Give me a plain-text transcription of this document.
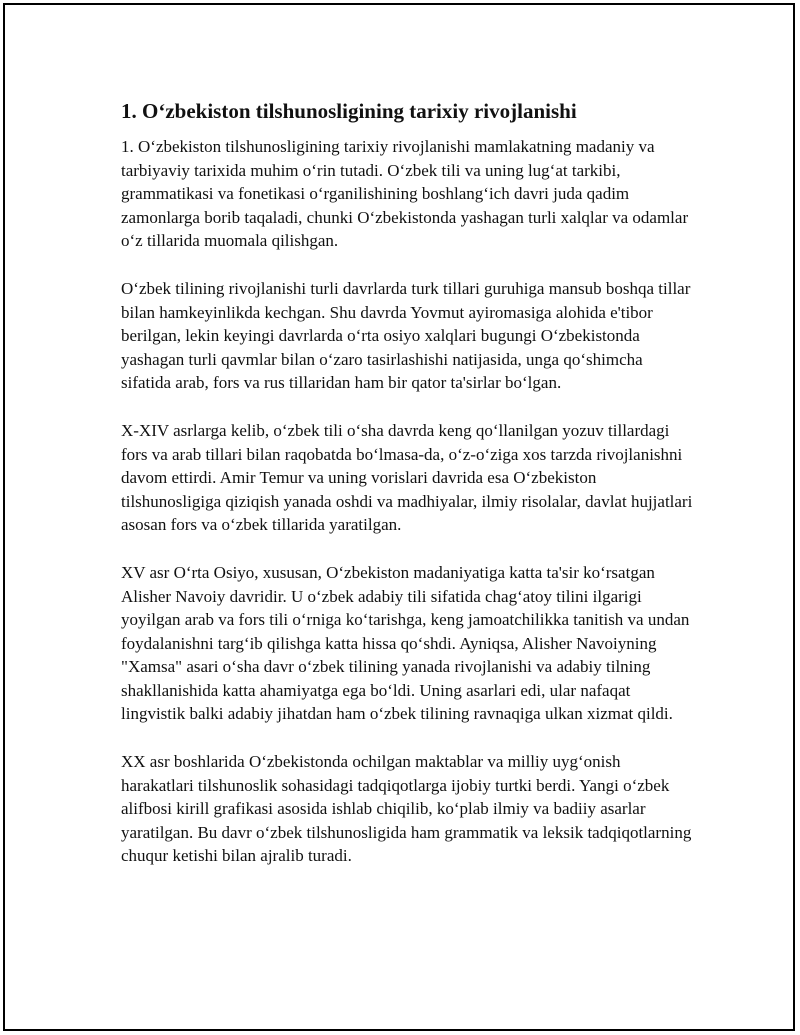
1. O‘zbekiston tilshunosligining tarixiy rivojlanishi

1. O‘zbekiston tilshunosligining tarixiy rivojlanishi mamlakatning madaniy va tarbiyaviy tarixida muhim o‘rin tutadi. O‘zbek tili va uning lug‘at tarkibi, grammatikasi va fonetikasi o‘rganilishining boshlang‘ich davri juda qadim zamonlarga borib taqaladi, chunki O‘zbekistonda yashagan turli xalqlar va odamlar o‘z tillarida muomala qilishgan.

O‘zbek tilining rivojlanishi turli davrlarda turk tillari guruhiga mansub boshqa tillar bilan hamkeyinlikda kechgan. Shu davrda Yovmut ayiromasiga alohida e'tibor berilgan, lekin keyingi davrlarda o‘rta osiyo xalqlari bugungi O‘zbekistonda yashagan turli qavmlar bilan o‘zaro tasirlashishi natijasida, unga qo‘shimcha sifatida arab, fors va rus tillaridan ham bir qator ta'sirlar bo‘lgan.

X-XIV asrlarga kelib, o‘zbek tili o‘sha davrda keng qo‘llanilgan yozuv tillardagi fors va arab tillari bilan raqobatda bo‘lmasa-da, o‘z-o‘ziga xos tarzda rivojlanishni davom ettirdi. Amir Temur va uning vorislari davrida esa O‘zbekiston tilshunosligiga qiziqish yanada oshdi va madhiyalar, ilmiy risolalar, davlat hujjatlari asosan fors va o‘zbek tillarida yaratilgan.

XV asr O‘rta Osiyo, xususan, O‘zbekiston madaniyatiga katta ta'sir ko‘rsatgan Alisher Navoiy davridir. U o‘zbek adabiy tili sifatida chag‘atoy tilini ilgarigi yoyilgan arab va fors tili o‘rniga ko‘tarishga, keng jamoatchilikka tanitish va undan foydalanishni targ‘ib qilishga katta hissa qo‘shdi. Ayniqsa, Alisher Navoiyning "Xamsa" asari o‘sha davr o‘zbek tilining yanada rivojlanishi va adabiy tilning shakllanishida katta ahamiyatga ega bo‘ldi. Uning asarlari edi, ular nafaqat lingvistik balki adabiy jihatdan ham o‘zbek tilining ravnaqiga ulkan xizmat qildi.

XX asr boshlarida O‘zbekistonda ochilgan maktablar va milliy uyg‘onish harakatlari tilshunoslik sohasidagi tadqiqotlarga ijobiy turtki berdi. Yangi o‘zbek alifbosi kirill grafikasi asosida ishlab chiqilib, ko‘plab ilmiy va badiiy asarlar yaratilgan. Bu davr o‘zbek tilshunosligida ham grammatik va leksik tadqiqotlarning chuqur ketishi bilan ajralib turadi.
